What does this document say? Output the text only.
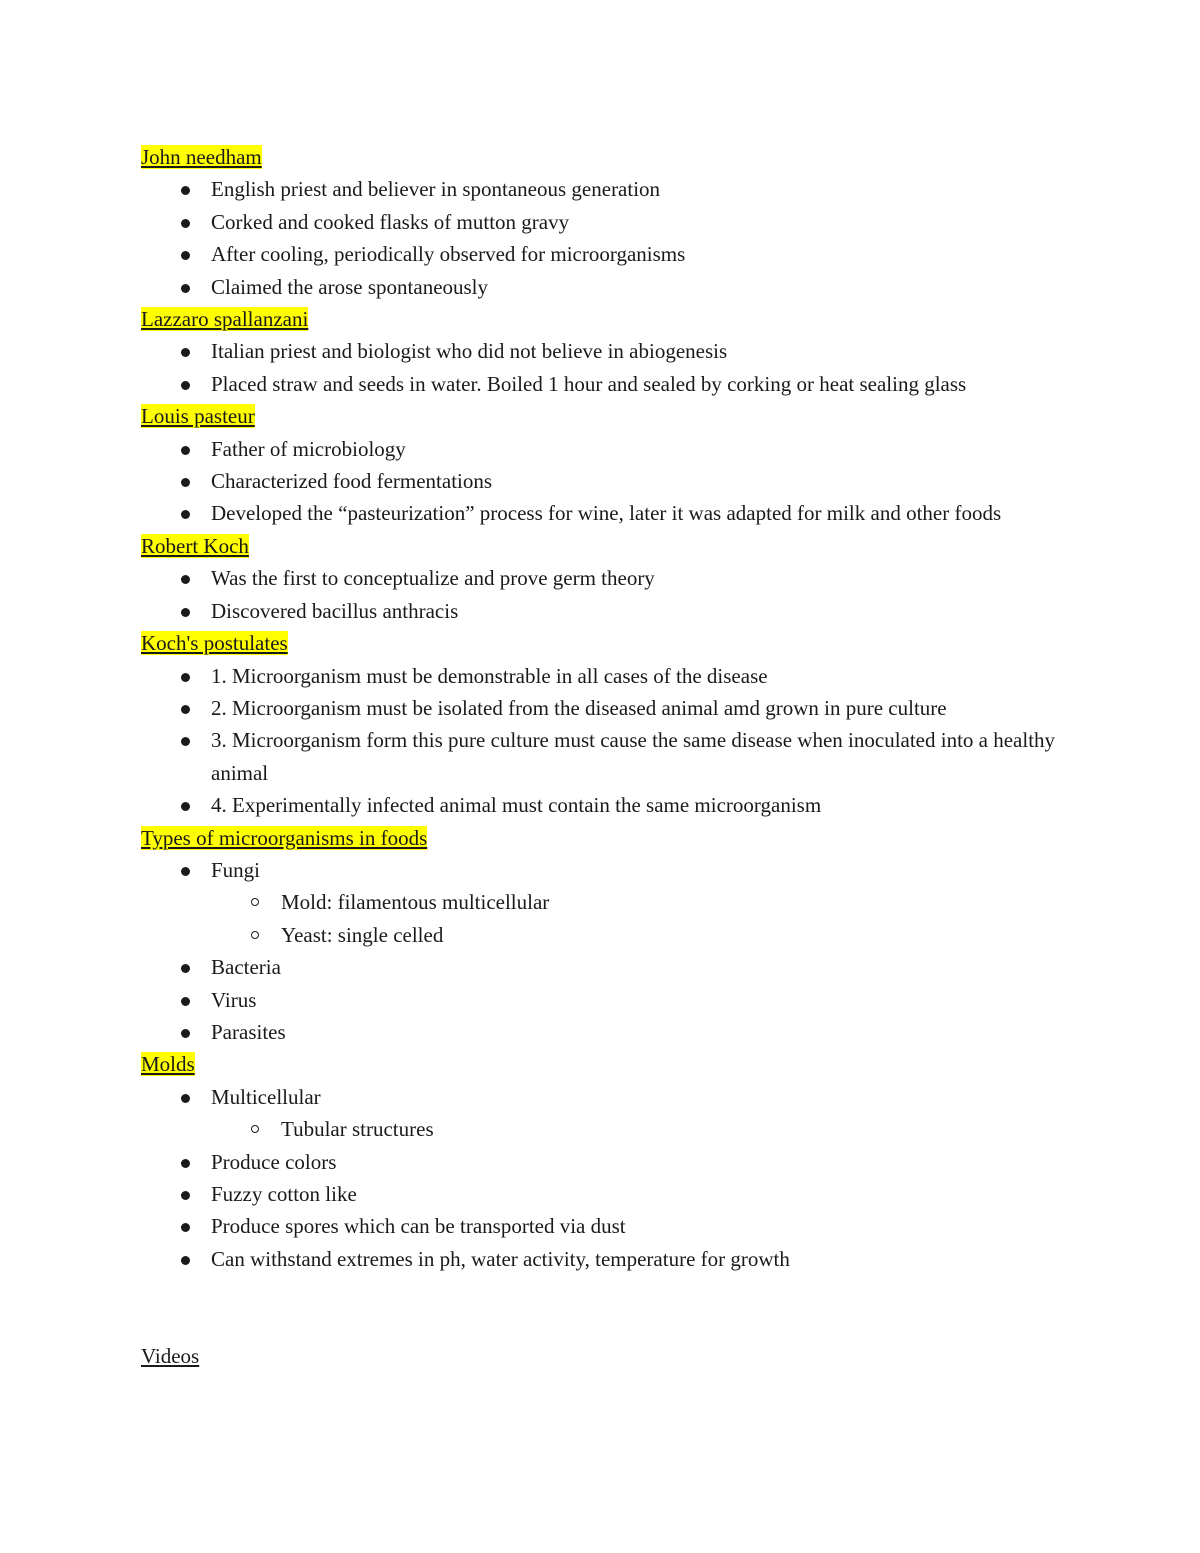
John needham

English priest and believer in spontaneous generation
Corked and cooked flasks of mutton gravy
After cooling, periodically observed for microorganisms
Claimed the arose spontaneously

Lazzaro spallanzani

Italian priest and biologist who did not believe in abiogenesis
Placed straw and seeds in water. Boiled 1 hour and sealed by corking or heat sealing glass

Louis pasteur

Father of microbiology
Characterized food fermentations
Developed the “pasteurization” process for wine, later it was adapted for milk and other foods

Robert Koch

Was the first to conceptualize and prove germ theory
Discovered bacillus anthracis

Koch's postulates

1. Microorganism must be demonstrable in all cases of the disease
2. Microorganism must be isolated from the diseased animal amd grown in pure culture
3. Microorganism form this pure culture must cause the same disease when inoculated into a healthy animal
4. Experimentally infected animal must contain the same microorganism

Types of microorganisms in foods

Fungi
Mold: filamentous multicellular
Yeast: single celled
Bacteria
Virus
Parasites

Molds

Multicellular
Tubular structures
Produce colors
Fuzzy cotton like
Produce spores which can be transported via dust
Can withstand extremes in ph, water activity, temperature for growth

Videos
